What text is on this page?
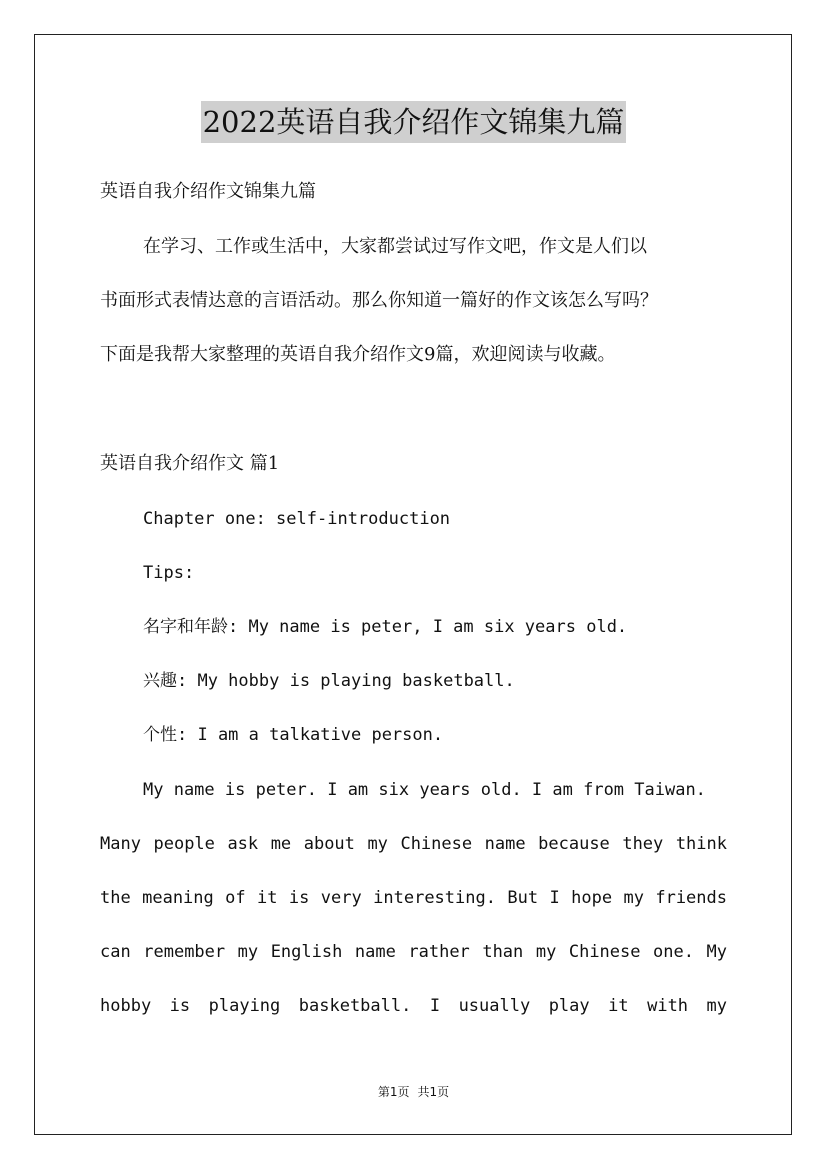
2022英语自我介绍作文锦集九篇
英语自我介绍作文锦集九篇
在学习、工作或生活中，大家都尝试过写作文吧，作文是人们以
书面形式表情达意的言语活动。那么你知道一篇好的作文该怎么写吗？
下面是我帮大家整理的英语自我介绍作文9篇，欢迎阅读与收藏。
英语自我介绍作文 篇1
Chapter one: self-introduction
Tips:
名字和年龄: My name is peter, I am six years old.
兴趣: My hobby is playing basketball.
个性: I am a talkative person.
My name is peter. I am six years old. I am from Taiwan.
Many people ask me about my Chinese name because they think
the meaning of it is very interesting. But I hope my friends
can remember my English name rather than my Chinese one. My
hobby is playing basketball. I usually play it with my
第1页 共1页
